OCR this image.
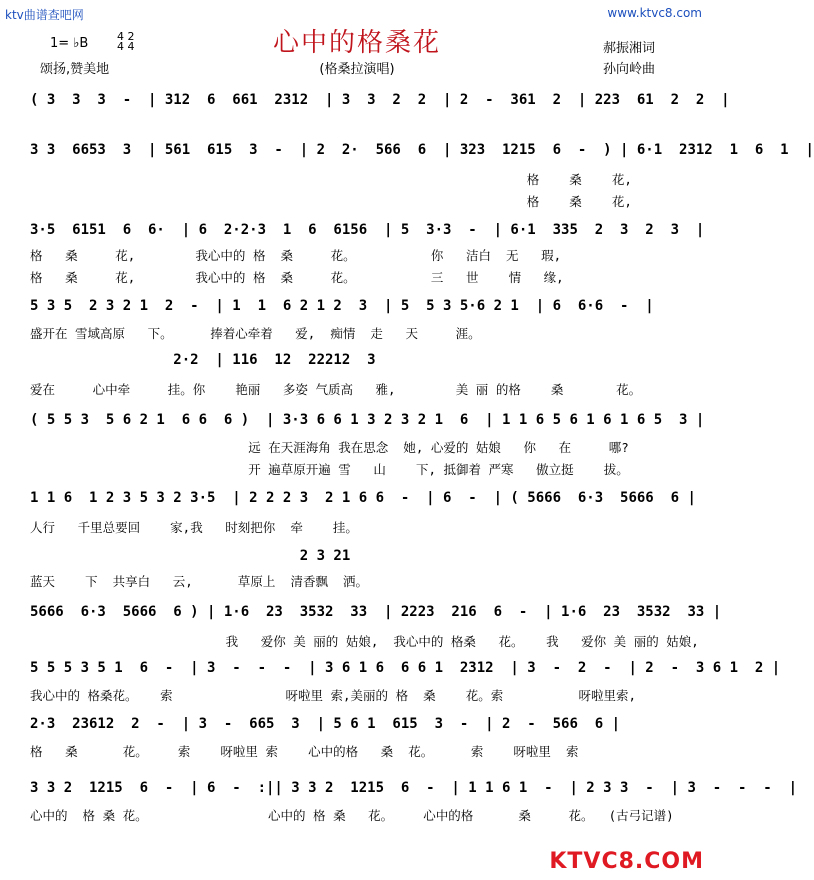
ktv曲谱查吧网	www.ktvc8.com
心中的格桑花
1= ♭B	4 2
4 4
颂扬,赞美地	(格桑拉演唱)
郝振湘词
孙向岭曲
( 3  3  3  -  | 312  6  661  2312  | 3  3  2  2  | 2  -  361  2  | 223  61  2  2  |
3 3  6653  3  | 561  615  3  -  | 2  2·  566  6  | 323  1215  6  -  ) | 6·1  2312  1  6  1  |
格    桑    花,
格    桑    花,
3·5  6151  6  6·  | 6  2·2·3  1  6  6156  | 5  3·3  -  | 6·1  335  2  3  2  3  |
格   桑     花,        我心中的 格  桑     花。          你   洁白  无   瑕,
格   桑     花,        我心中的 格  桑     花。          三   世    情   缘,
5 3 5  2 3 2 1  2  -  | 1  1  6 2 1 2  3  | 5  5 3 5·6 2 1  | 6  6·6  -  |
盛开在 雪域高原   下。     捧着心牵着   爱,  痴情  走   天     涯。
2·2  | 116  12  22212  3
爱在     心中牵     挂。你    艳丽   多姿 气质高   雅,        美 丽 的格    桑       花。
( 5 5 3  5 6 2 1  6 6  6 )  | 3·3 6 6 1 3 2 3 2 1  6  | 1 1 6 5 6 1 6 1 6 5  3 |
远 在天涯海角 我在思念  她, 心爱的 姑娘   你   在     哪?
开 遍草原开遍 雪   山    下, 抵御着 严寒   傲立挺    拔。
1 1 6  1 2 3 5 3 2 3·5  | 2 2 2 3  2 1 6 6  -  | 6  -  | ( 5666  6·3  5666  6 |
人行   千里总要回    家,我   时刻把你  牵    挂。
2 3 21
蓝天    下  共享白   云,      草原上  清香飘  洒。
5666  6·3  5666  6 ) | 1·6  23  3532  33  | 2223  216  6  -  | 1·6  23  3532  33 |
我   爱你 美 丽的 姑娘,  我心中的 格桑   花。   我   爱你 美 丽的 姑娘,
5 5 5 3 5 1  6  -  | 3  -  -  -  | 3 6 1 6  6 6 1  2312  | 3  -  2  -  | 2  -  3 6 1  2 |
我心中的 格桑花。   索               呀啦里 索,美丽的 格  桑    花。索          呀啦里索,
2·3  23612  2  -  | 3  -  665  3  | 5 6 1  615  3  -  | 2  -  566  6 |
格   桑      花。    索    呀啦里 索    心中的格   桑  花。     索    呀啦里  索
3 3 2  1215  6  -  | 6  -  :|| 3 3 2  1215  6  -  | 1 1 6 1  -  | 2 3 3  -  | 3  -  -  -  |
心中的  格 桑 花。                心中的 格 桑   花。    心中的格      桑     花。  (古弓记谱)
KTVC8.COM
